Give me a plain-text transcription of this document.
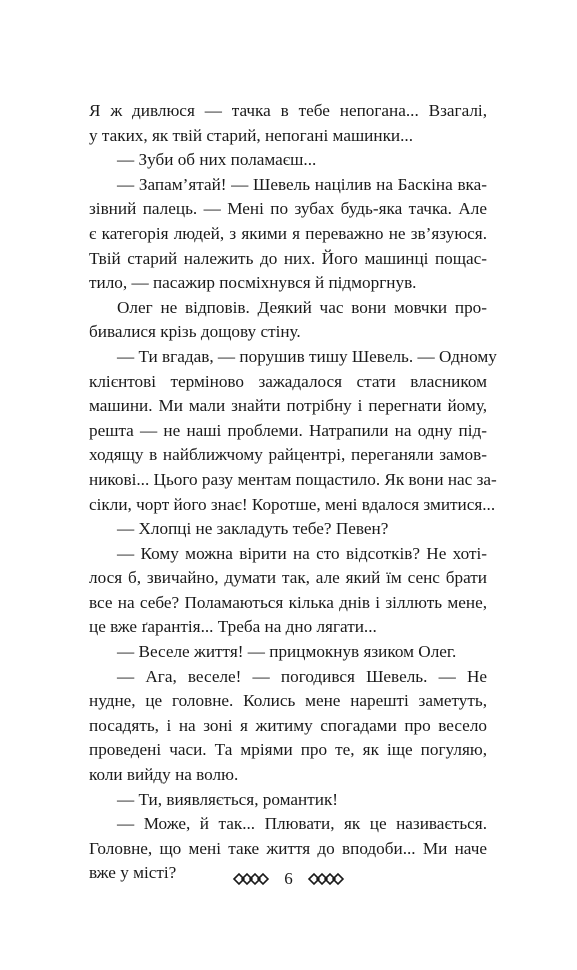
Я ж дивлюся — тачка в тебе непогана... Взагалі,
у таких, як твій старий, непогані машинки...
— Зуби об них поламаєш...
— Запам’ятай! — Шевель націлив на Баскіна вка-
зівний палець. — Мені по зубах будь-яка тачка. Але
є категорія людей, з якими я переважно не зв’язуюся.
Твій старий належить до них. Його машинці пощас-
тило, — пасажир посміхнувся й підморгнув.
Олег не відповів. Деякий час вони мовчки про-
бивалися крізь дощову стіну.
— Ти вгадав, — порушив тишу Шевель. — Одному
клієнтові терміново зажадалося стати власником
машини. Ми мали знайти потрібну і перегнати йому,
решта — не наші проблеми. Натрапили на одну під-
ходящу в найближчому райцентрі, переганяли замов-
никові... Цього разу ментам пощастило. Як вони нас за-
сікли, чорт його знає! Коротше, мені вдалося змитися...
— Хлопці не закладуть тебе? Певен?
— Кому можна вірити на сто відсотків? Не хоті-
лося б, звичайно, думати так, але який їм сенс брати
все на себе? Поламаються кілька днів і зіллють мене,
це вже ґарантія... Треба на дно лягати...
— Веселе життя! — прицмокнув язиком Олег.
— Ага, веселе! — погодився Шевель. — Не
нудне, це головне. Колись мене нарешті заметуть,
посадять, і на зоні я житиму спогадами про весело
проведені часи. Та мріями про те, як іще погуляю,
коли вийду на волю.
— Ти, виявляється, романтик!
— Може, й так... Плювати, як це називається.
Головне, що мені таке життя до вподоби... Ми наче
вже у місті?	6
